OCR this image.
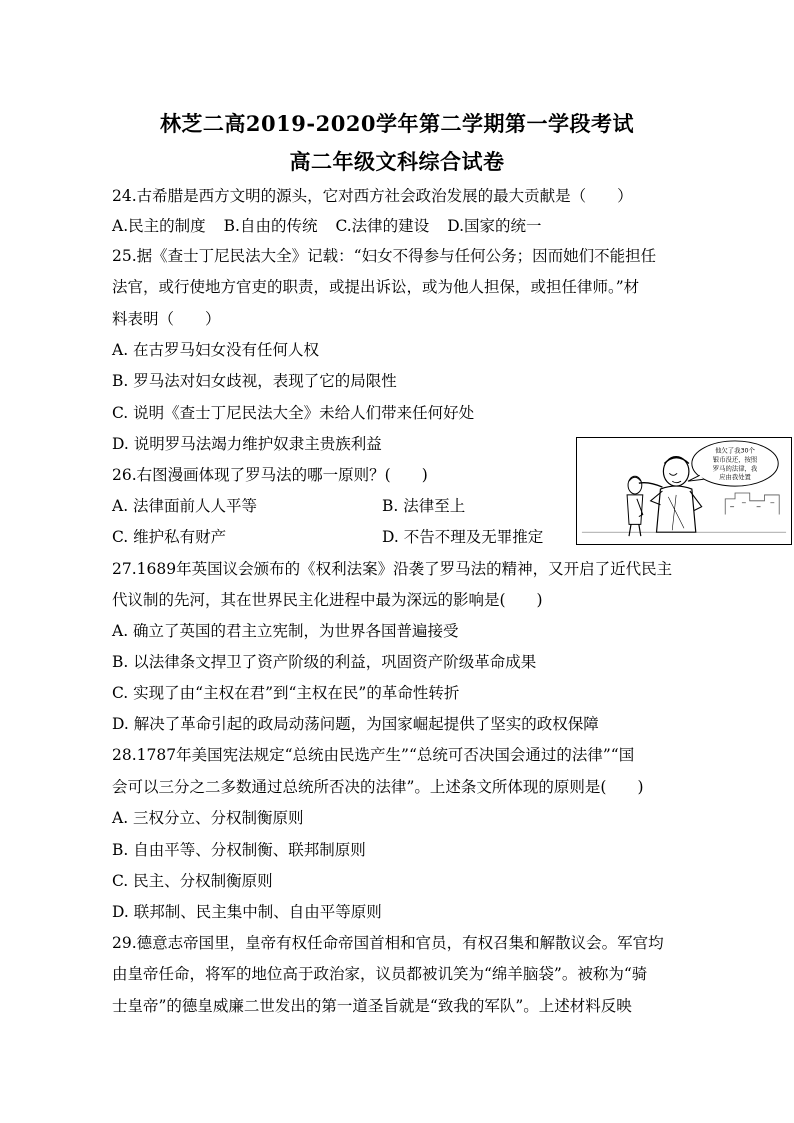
林芝二高2019-2020学年第二学期第一学段考试
高二年级文科综合试卷
24.古希腊是西方文明的源头，它对西方社会政治发展的最大贡献是（　　）
A.民主的制度 B.自由的传统 C.法律的建设 D.国家的统一
25.据《查士丁尼民法大全》记载：“妇女不得参与任何公务；因而她们不能担任
法官，或行使地方官吏的职责，或提出诉讼，或为他人担保，或担任律师。”材
料表明（　　）
A. 在古罗马妇女没有任何人权
B. 罗马法对妇女歧视，表现了它的局限性
C. 说明《查士丁尼民法大全》未给人们带来任何好处
D. 说明罗马法竭力维护奴隶主贵族利益
26.右图漫画体现了罗马法的哪一原则？(　　)
A. 法律面前人人平等	B. 法律至上
C. 维护私有财产	D. 不告不理及无罪推定
他欠了我30个
银币没还，按照
罗马的法律，我
应由我处置
27.1689年英国议会颁布的《权利法案》沿袭了罗马法的精神，又开启了近代民主
代议制的先河，其在世界民主化进程中最为深远的影响是(　　)
A. 确立了英国的君主立宪制，为世界各国普遍接受
B. 以法律条文捍卫了资产阶级的利益，巩固资产阶级革命成果
C. 实现了由“主权在君”到“主权在民”的革命性转折
D. 解决了革命引起的政局动荡问题，为国家崛起提供了坚实的政权保障
28.1787年美国宪法规定“总统由民选产生”“总统可否决国会通过的法律”“国
会可以三分之二多数通过总统所否决的法律”。上述条文所体现的原则是(　　)
A. 三权分立、分权制衡原则
B. 自由平等、分权制衡、联邦制原则
C. 民主、分权制衡原则
D. 联邦制、民主集中制、自由平等原则
29.德意志帝国里，皇帝有权任命帝国首相和官员，有权召集和解散议会。军官均
由皇帝任命，将军的地位高于政治家，议员都被讥笑为“绵羊脑袋”。被称为“骑
士皇帝”的德皇威廉二世发出的第一道圣旨就是“致我的军队”。上述材料反映
